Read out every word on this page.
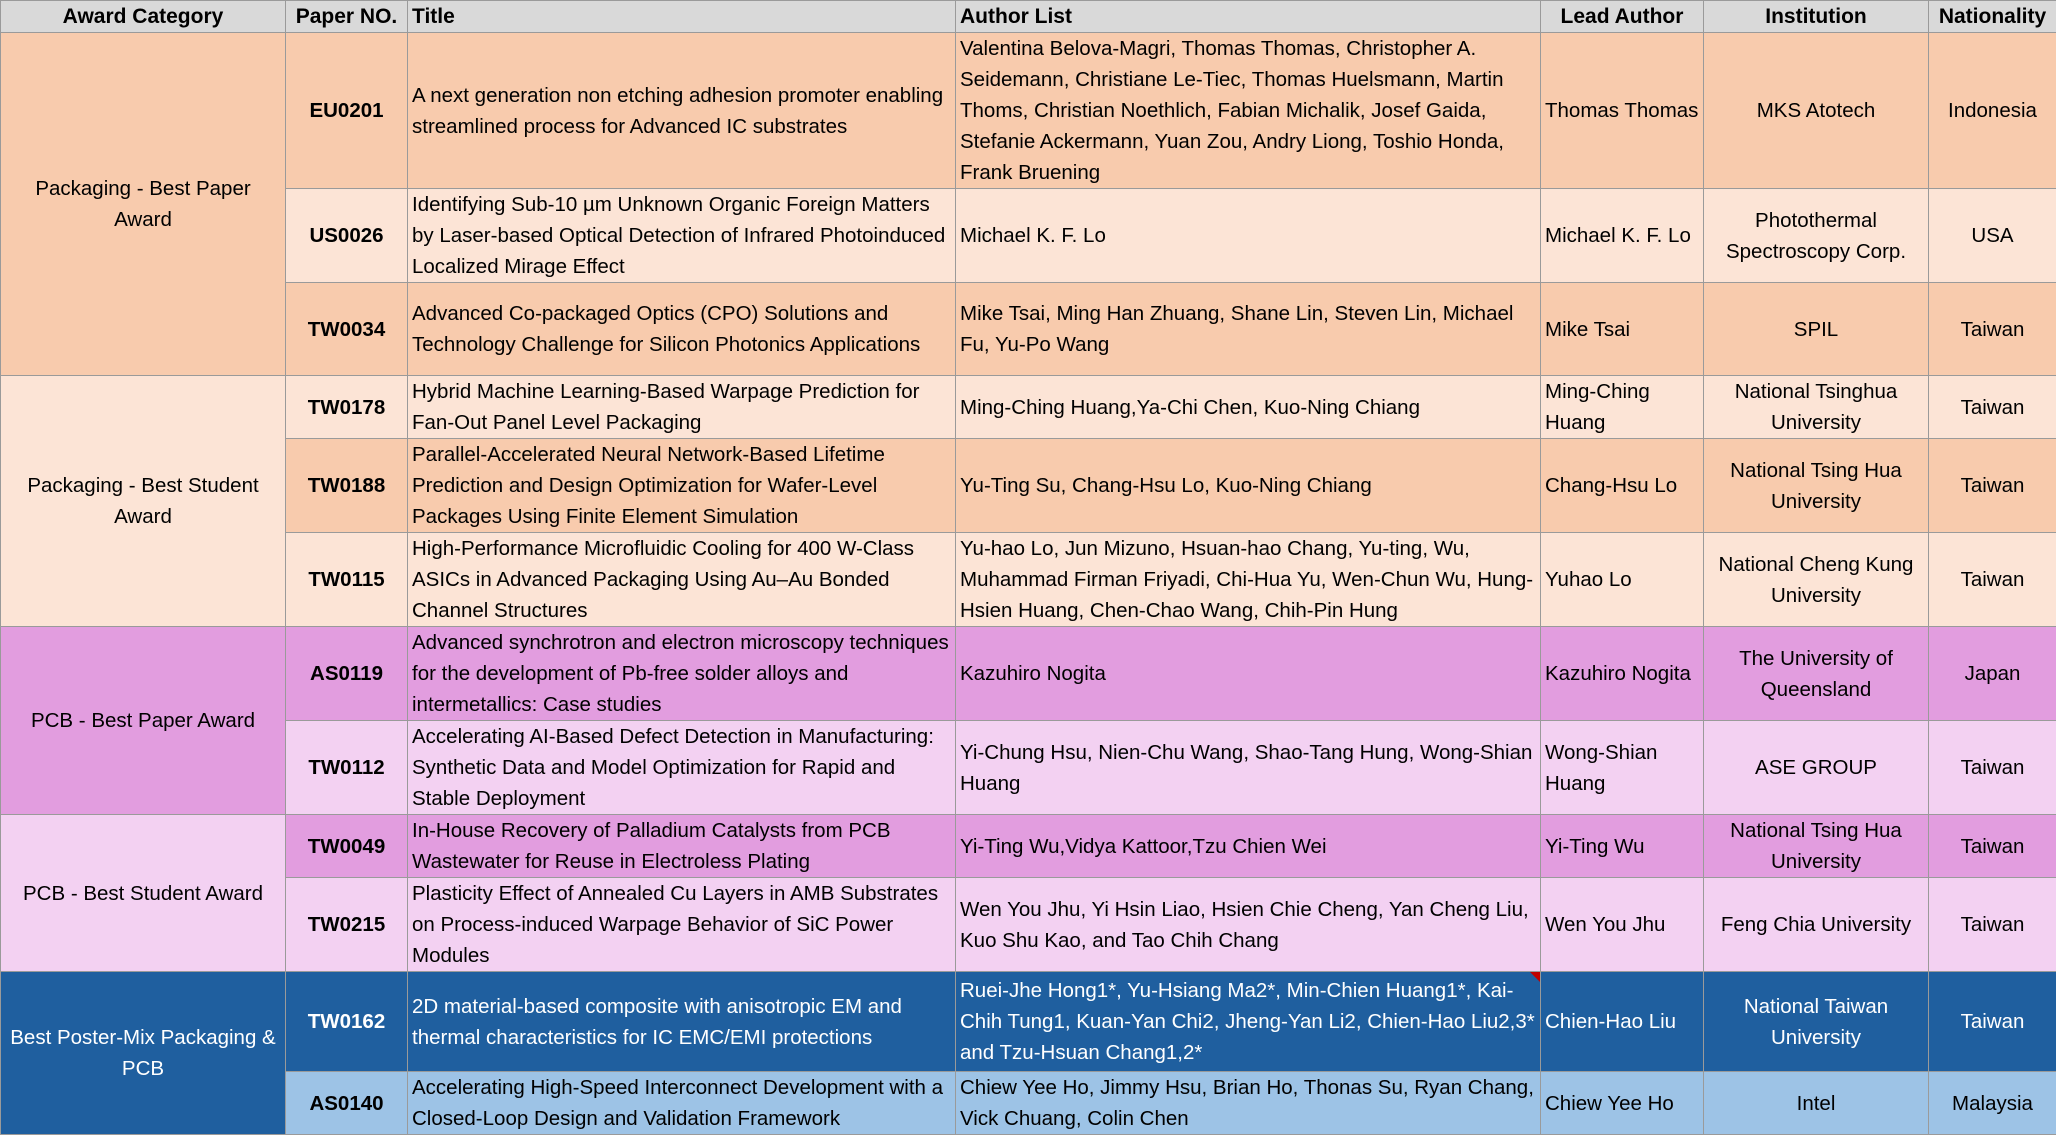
Award Category	Paper NO.	Title	Author List	Lead Author	Institution	Nationality
Packaging - Best Paper Award	EU0201	A next generation non etching adhesion promoter enabling streamlined process for Advanced IC substrates	Valentina Belova-Magri, Thomas Thomas, Christopher A. Seidemann, Christiane Le-Tiec, Thomas Huelsmann, Martin Thoms, Christian Noethlich, Fabian Michalik, Josef Gaida, Stefanie Ackermann, Yuan Zou, Andry Liong, Toshio Honda, Frank Bruening	Thomas Thomas	MKS Atotech	Indonesia
	US0026	Identifying Sub-10 µm Unknown Organic Foreign Matters by Laser-based Optical Detection of Infrared Photoinduced Localized Mirage Effect	Michael K. F. Lo	Michael K. F. Lo	Photothermal Spectroscopy Corp.	USA
	TW0034	Advanced Co-packaged Optics (CPO) Solutions and Technology Challenge for Silicon Photonics Applications	Mike Tsai, Ming Han Zhuang, Shane Lin, Steven Lin, Michael Fu, Yu-Po Wang	Mike Tsai	SPIL	Taiwan
Packaging - Best Student Award	TW0178	Hybrid Machine Learning-Based Warpage Prediction for Fan-Out Panel Level Packaging	Ming-Ching Huang,Ya-Chi Chen, Kuo-Ning Chiang	Ming-Ching Huang	National Tsinghua University	Taiwan
	TW0188	Parallel-Accelerated Neural Network-Based Lifetime Prediction and Design Optimization for Wafer-Level Packages Using Finite Element Simulation	Yu-Ting Su, Chang-Hsu Lo, Kuo-Ning Chiang	Chang-Hsu Lo	National Tsing Hua University	Taiwan
	TW0115	High-Performance Microfluidic Cooling for 400 W-Class ASICs in Advanced Packaging Using Au–Au Bonded Channel Structures	Yu-hao Lo, Jun Mizuno, Hsuan-hao Chang, Yu-ting, Wu, Muhammad Firman Friyadi, Chi-Hua Yu, Wen-Chun Wu, Hung-Hsien Huang, Chen-Chao Wang, Chih-Pin Hung	Yuhao Lo	National Cheng Kung University	Taiwan
PCB - Best Paper Award	AS0119	Advanced synchrotron and electron microscopy techniques for the development of Pb-free solder alloys and intermetallics: Case studies	Kazuhiro Nogita	Kazuhiro Nogita	The University of Queensland	Japan
	TW0112	Accelerating AI-Based Defect Detection in Manufacturing: Synthetic Data and Model Optimization for Rapid and Stable Deployment	Yi-Chung Hsu, Nien-Chu Wang, Shao-Tang Hung, Wong-Shian Huang	Wong-Shian Huang	ASE GROUP	Taiwan
PCB - Best Student Award	TW0049	In-House Recovery of Palladium Catalysts from PCB Wastewater for Reuse in Electroless Plating	Yi-Ting Wu,Vidya Kattoor,Tzu Chien Wei	Yi-Ting Wu	National Tsing Hua University	Taiwan
	TW0215	Plasticity Effect of Annealed Cu Layers in AMB Substrates on Process-induced Warpage Behavior of SiC Power Modules	Wen You Jhu, Yi Hsin Liao, Hsien Chie Cheng, Yan Cheng Liu, Kuo Shu Kao, and Tao Chih Chang	Wen You Jhu	Feng Chia University	Taiwan
Best Poster-Mix Packaging & PCB	TW0162	2D material-based composite with anisotropic EM and thermal characteristics for IC EMC/EMI protections	Ruei-Jhe Hong1*, Yu-Hsiang Ma2*, Min-Chien Huang1*, Kai-Chih Tung1, Kuan-Yan Chi2, Jheng-Yan Li2, Chien-Hao Liu2,3* and Tzu-Hsuan Chang1,2*	Chien-Hao Liu	National Taiwan University	Taiwan
	AS0140	Accelerating High-Speed Interconnect Development with a Closed-Loop Design and Validation Framework	Chiew Yee Ho, Jimmy Hsu, Brian Ho, Thonas Su, Ryan Chang, Vick Chuang, Colin Chen	Chiew Yee Ho	Intel	Malaysia
